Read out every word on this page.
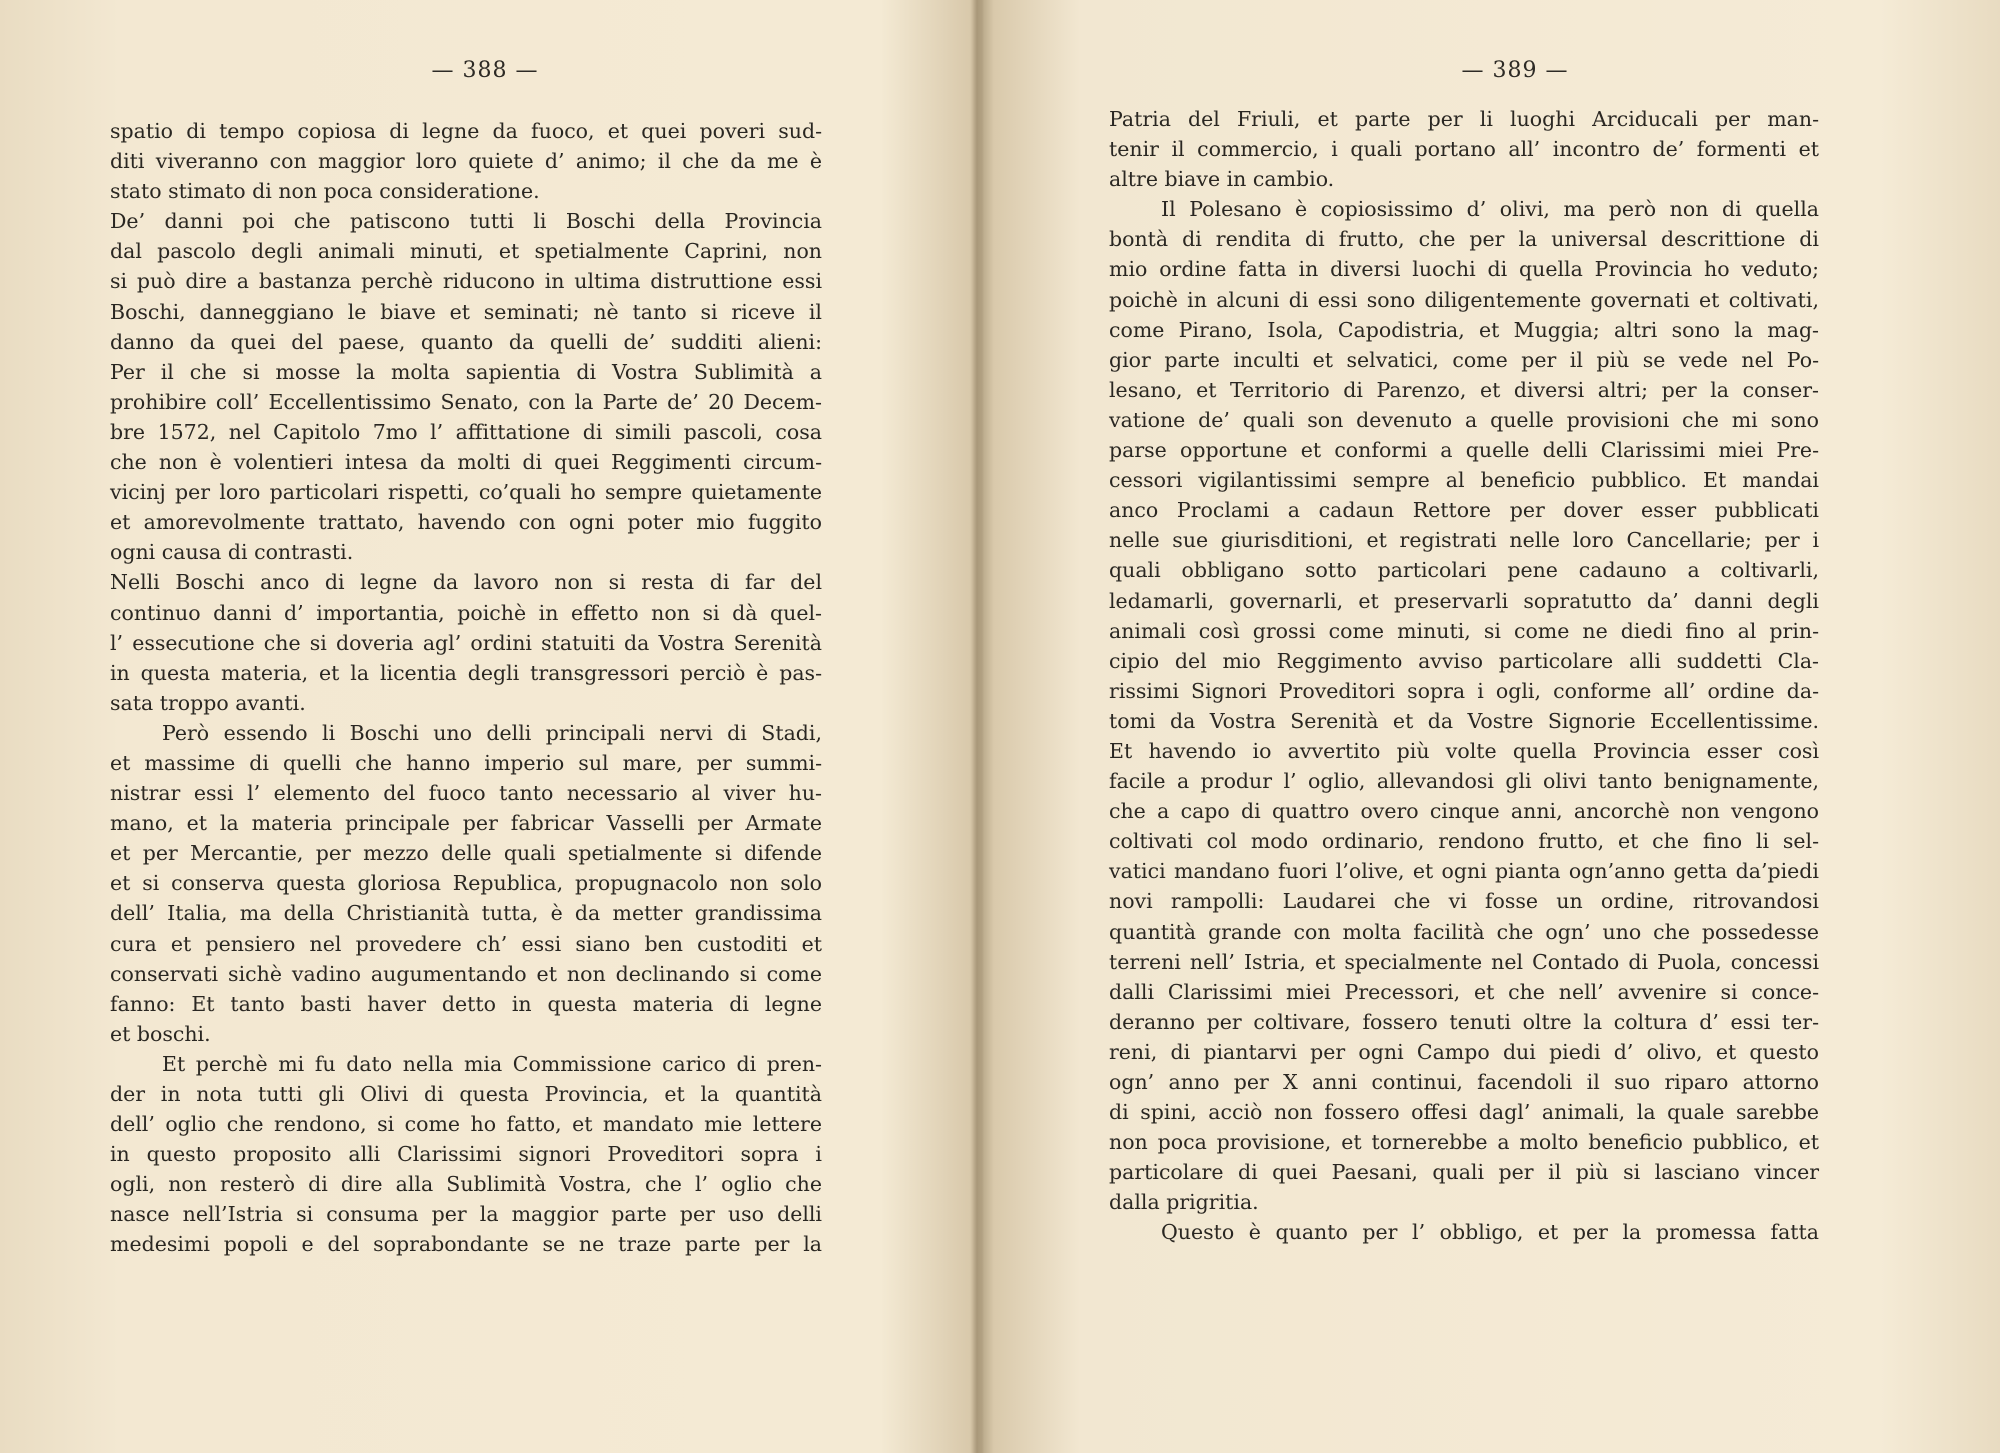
— 388 —
spatio di tempo copiosa di legne da fuoco, et quei poveri sud-
diti viveranno con maggior loro quiete d’ animo; il che da me è
stato stimato di non poca consideratione.
De’ danni poi che patiscono tutti li Boschi della Provincia
dal pascolo degli animali minuti, et spetialmente Caprini, non
si può dire a bastanza perchè riducono in ultima distruttione essi
Boschi, danneggiano le biave et seminati; nè tanto si riceve il
danno da quei del paese, quanto da quelli de’ sudditi alieni:
Per il che si mosse la molta sapientia di Vostra Sublimità a
prohibire coll’ Eccellentissimo Senato, con la Parte de’ 20 Decem-
bre 1572, nel Capitolo 7mo l’ affittatione di simili pascoli, cosa
che non è volentieri intesa da molti di quei Reggimenti circum-
vicinj per loro particolari rispetti, co’quali ho sempre quietamente
et amorevolmente trattato, havendo con ogni poter mio fuggito
ogni causa di contrasti.
Nelli Boschi anco di legne da lavoro non si resta di far del
continuo danni d’ importantia, poichè in effetto non si dà quel-
l’ essecutione che si doveria agl’ ordini statuiti da Vostra Serenità
in questa materia, et la licentia degli transgressori perciò è pas-
sata troppo avanti.
Però essendo li Boschi uno delli principali nervi di Stadi,
et massime di quelli che hanno imperio sul mare, per summi-
nistrar essi l’ elemento del fuoco tanto necessario al viver hu-
mano, et la materia principale per fabricar Vasselli per Armate
et per Mercantie, per mezzo delle quali spetialmente si difende
et si conserva questa gloriosa Republica, propugnacolo non solo
dell’ Italia, ma della Christianità tutta, è da metter grandissima
cura et pensiero nel provedere ch’ essi siano ben custoditi et
conservati sichè vadino augumentando et non declinando si come
fanno: Et tanto basti haver detto in questa materia di legne
et boschi.
Et perchè mi fu dato nella mia Commissione carico di pren-
der in nota tutti gli Olivi di questa Provincia, et la quantità
dell’ oglio che rendono, si come ho fatto, et mandato mie lettere
in questo proposito alli Clarissimi signori Proveditori sopra i
ogli, non resterò di dire alla Sublimità Vostra, che l’ oglio che
nasce nell’Istria si consuma per la maggior parte per uso delli
medesimi popoli e del soprabondante se ne traze parte per la
— 389 —
Patria del Friuli, et parte per li luoghi Arciducali per man-
tenir il commercio, i quali portano all’ incontro de’ formenti et
altre biave in cambio.
Il Polesano è copiosissimo d’ olivi, ma però non di quella
bontà di rendita di frutto, che per la universal descrittione di
mio ordine fatta in diversi luochi di quella Provincia ho veduto;
poichè in alcuni di essi sono diligentemente governati et coltivati,
come Pirano, Isola, Capodistria, et Muggia; altri sono la mag-
gior parte inculti et selvatici, come per il più se vede nel Po-
lesano, et Territorio di Parenzo, et diversi altri; per la conser-
vatione de’ quali son devenuto a quelle provisioni che mi sono
parse opportune et conformi a quelle delli Clarissimi miei Pre-
cessori vigilantissimi sempre al beneficio pubblico. Et mandai
anco Proclami a cadaun Rettore per dover esser pubblicati
nelle sue giurisditioni, et registrati nelle loro Cancellarie; per i
quali obbligano sotto particolari pene cadauno a coltivarli,
ledamarli, governarli, et preservarli sopratutto da’ danni degli
animali così grossi come minuti, si come ne diedi fino al prin-
cipio del mio Reggimento avviso particolare alli suddetti Cla-
rissimi Signori Proveditori sopra i ogli, conforme all’ ordine da-
tomi da Vostra Serenità et da Vostre Signorie Eccellentissime.
Et havendo io avvertito più volte quella Provincia esser così
facile a produr l’ oglio, allevandosi gli olivi tanto benignamente,
che a capo di quattro overo cinque anni, ancorchè non vengono
coltivati col modo ordinario, rendono frutto, et che fino li sel-
vatici mandano fuori l’olive, et ogni pianta ogn’anno getta da’piedi
novi rampolli: Laudarei che vi fosse un ordine, ritrovandosi
quantità grande con molta facilità che ogn’ uno che possedesse
terreni nell’ Istria, et specialmente nel Contado di Puola, concessi
dalli Clarissimi miei Precessori, et che nell’ avvenire si conce-
deranno per coltivare, fossero tenuti oltre la coltura d’ essi ter-
reni, di piantarvi per ogni Campo dui piedi d’ olivo, et questo
ogn’ anno per X anni continui, facendoli il suo riparo attorno
di spini, acciò non fossero offesi dagl’ animali, la quale sarebbe
non poca provisione, et tornerebbe a molto beneficio pubblico, et
particolare di quei Paesani, quali per il più si lasciano vincer
dalla prigritia.
Questo è quanto per l’ obbligo, et per la promessa fatta
